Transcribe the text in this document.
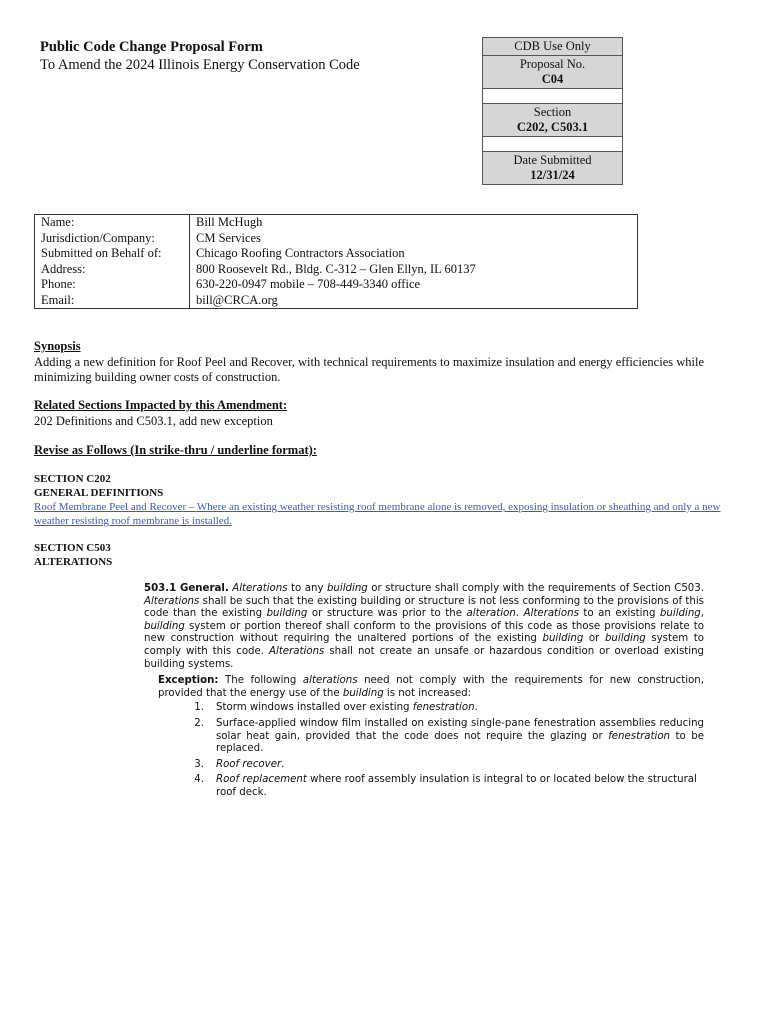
Public Code Change Proposal Form
To Amend the 2024 Illinois Energy Conservation Code
CDB Use Only
Proposal No.
C04
Section
C202, C503.1
Date Submitted
12/31/24
Name:	Bill McHugh
Jurisdiction/Company:	CM Services
Submitted on Behalf of:	Chicago Roofing Contractors Association
Address:	800 Roosevelt Rd., Bldg. C-312 – Glen Ellyn, IL 60137
Phone:	630-220-0947 mobile – 708-449-3340 office
Email:	bill@CRCA.org
Synopsis
Adding a new definition for Roof Peel and Recover, with technical requirements to maximize insulation and energy efficiencies while minimizing building owner costs of construction.
Related Sections Impacted by this Amendment:
202 Definitions and C503.1, add new exception
Revise as Follows (In strike-thru / underline format):
SECTION C202
GENERAL DEFINITIONS
Roof Membrane Peel and Recover – Where an existing weather resisting roof membrane alone is removed, exposing insulation or sheathing and only a new weather resisting roof membrane is installed.
SECTION C503
ALTERATIONS

503.1 General. Alterations to any building or structure shall comply with the requirements of Section C503. Alterations shall be such that the existing building or structure is not less conforming to the provisions of this code than the existing building or structure was prior to the alteration. Alterations to an existing building, building system or portion thereof shall conform to the provisions of this code as those provisions relate to new construction without requiring the unaltered portions of the existing building or building system to comply with this code. Alterations shall not create an unsafe or hazardous condition or overload existing building systems.

Exception: The following alterations need not comply with the requirements for new construction, provided that the energy use of the building is not increased:

1.	Storm windows installed over existing fenestration.
2.	Surface-applied window film installed on existing single-pane fenestration assemblies reducing solar heat gain, provided that the code does not require the glazing or fenestration to be replaced.
3.	Roof recover.
4.	Roof replacement where roof assembly insulation is integral to or located below the structural roof deck.
